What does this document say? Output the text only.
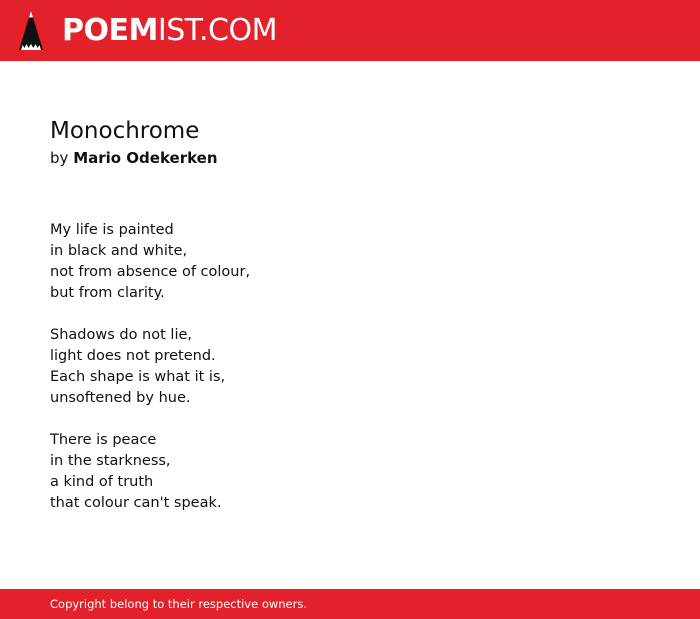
POEM IST.COM
Monochrome
by Mario Odekerken

My life is painted
in black and white,
not from absence of colour,
but from clarity.

Shadows do not lie,
light does not pretend.
Each shape is what it is,
unsoftened by hue.

There is peace
in the starkness,
a kind of truth
that colour can't speak.

Copyright belong to their respective owners.
